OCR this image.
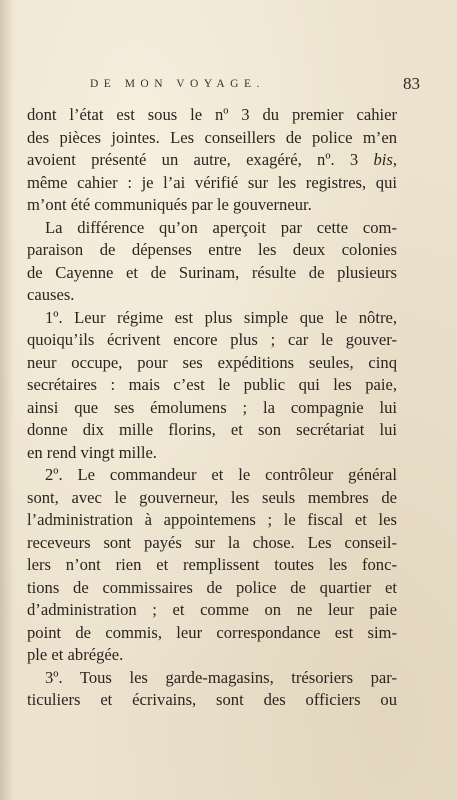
DE MON VOYAGE.	83
dont l’état est sous le nº 3 du premier cahier
des pièces jointes. Les conseillers de police m’en
avoient présenté un autre, exagéré, nº. 3 bis,
même cahier : je l’ai vérifié sur les registres, qui
m’ont été communiqués par le gouverneur.
La différence qu’on aperçoit par cette com-
paraison de dépenses entre les deux colonies
de Cayenne et de Surinam, résulte de plusieurs
causes.
1º. Leur régime est plus simple que le nôtre,
quoiqu’ils écrivent encore plus ; car le gouver-
neur occupe, pour ses expéditions seules, cinq
secrétaires : mais c’est le public qui les paie,
ainsi que ses émolumens ; la compagnie lui
donne dix mille florins, et son secrétariat lui
en rend vingt mille.
2º. Le commandeur et le contrôleur général
sont, avec le gouverneur, les seuls membres de
l’administration à appointemens ; le fiscal et les
receveurs sont payés sur la chose. Les conseil-
lers n’ont rien et remplissent toutes les fonc-
tions de commissaires de police de quartier et
d’administration ; et comme on ne leur paie
point de commis, leur correspondance est sim-
ple et abrégée.
3º. Tous les garde-magasins, trésoriers par-
ticuliers et écrivains, sont des officiers ou
